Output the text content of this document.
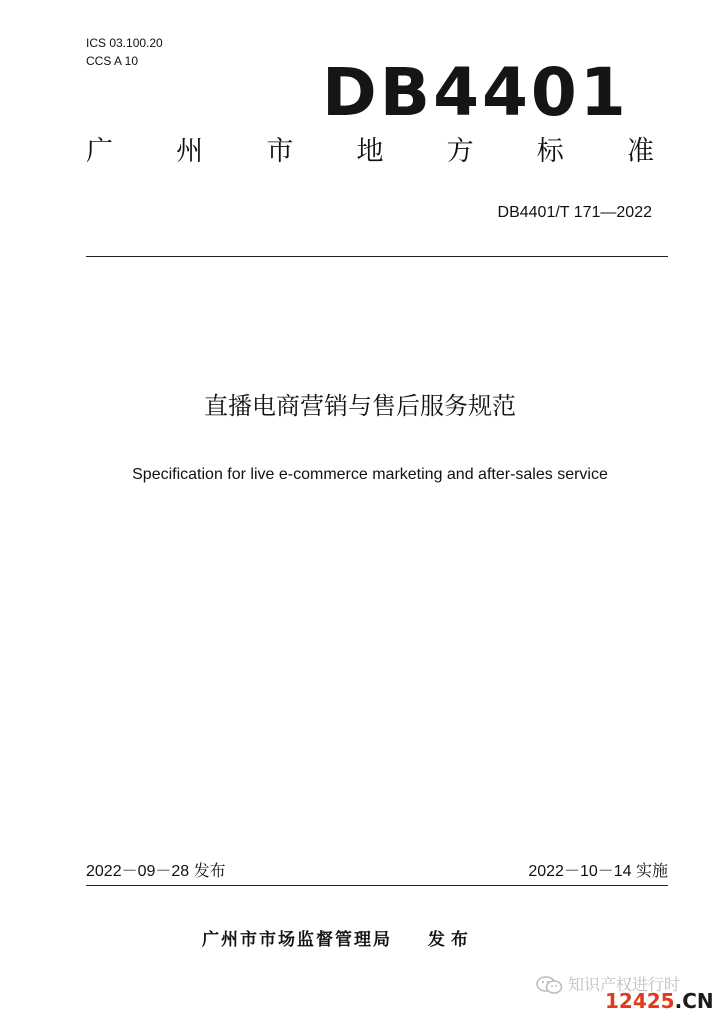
ICS 03.100.20
CCS A 10	DB4401
广 州 市 地 方 标 准
DB4401/T 171—2022
直播电商营销与售后服务规范
Specification for live e-commerce marketing and after-sales service
2022－09－28 发布	2022－10－14 实施
广州市市场监督管理局 发布
知识产权进行时
12425.CN
